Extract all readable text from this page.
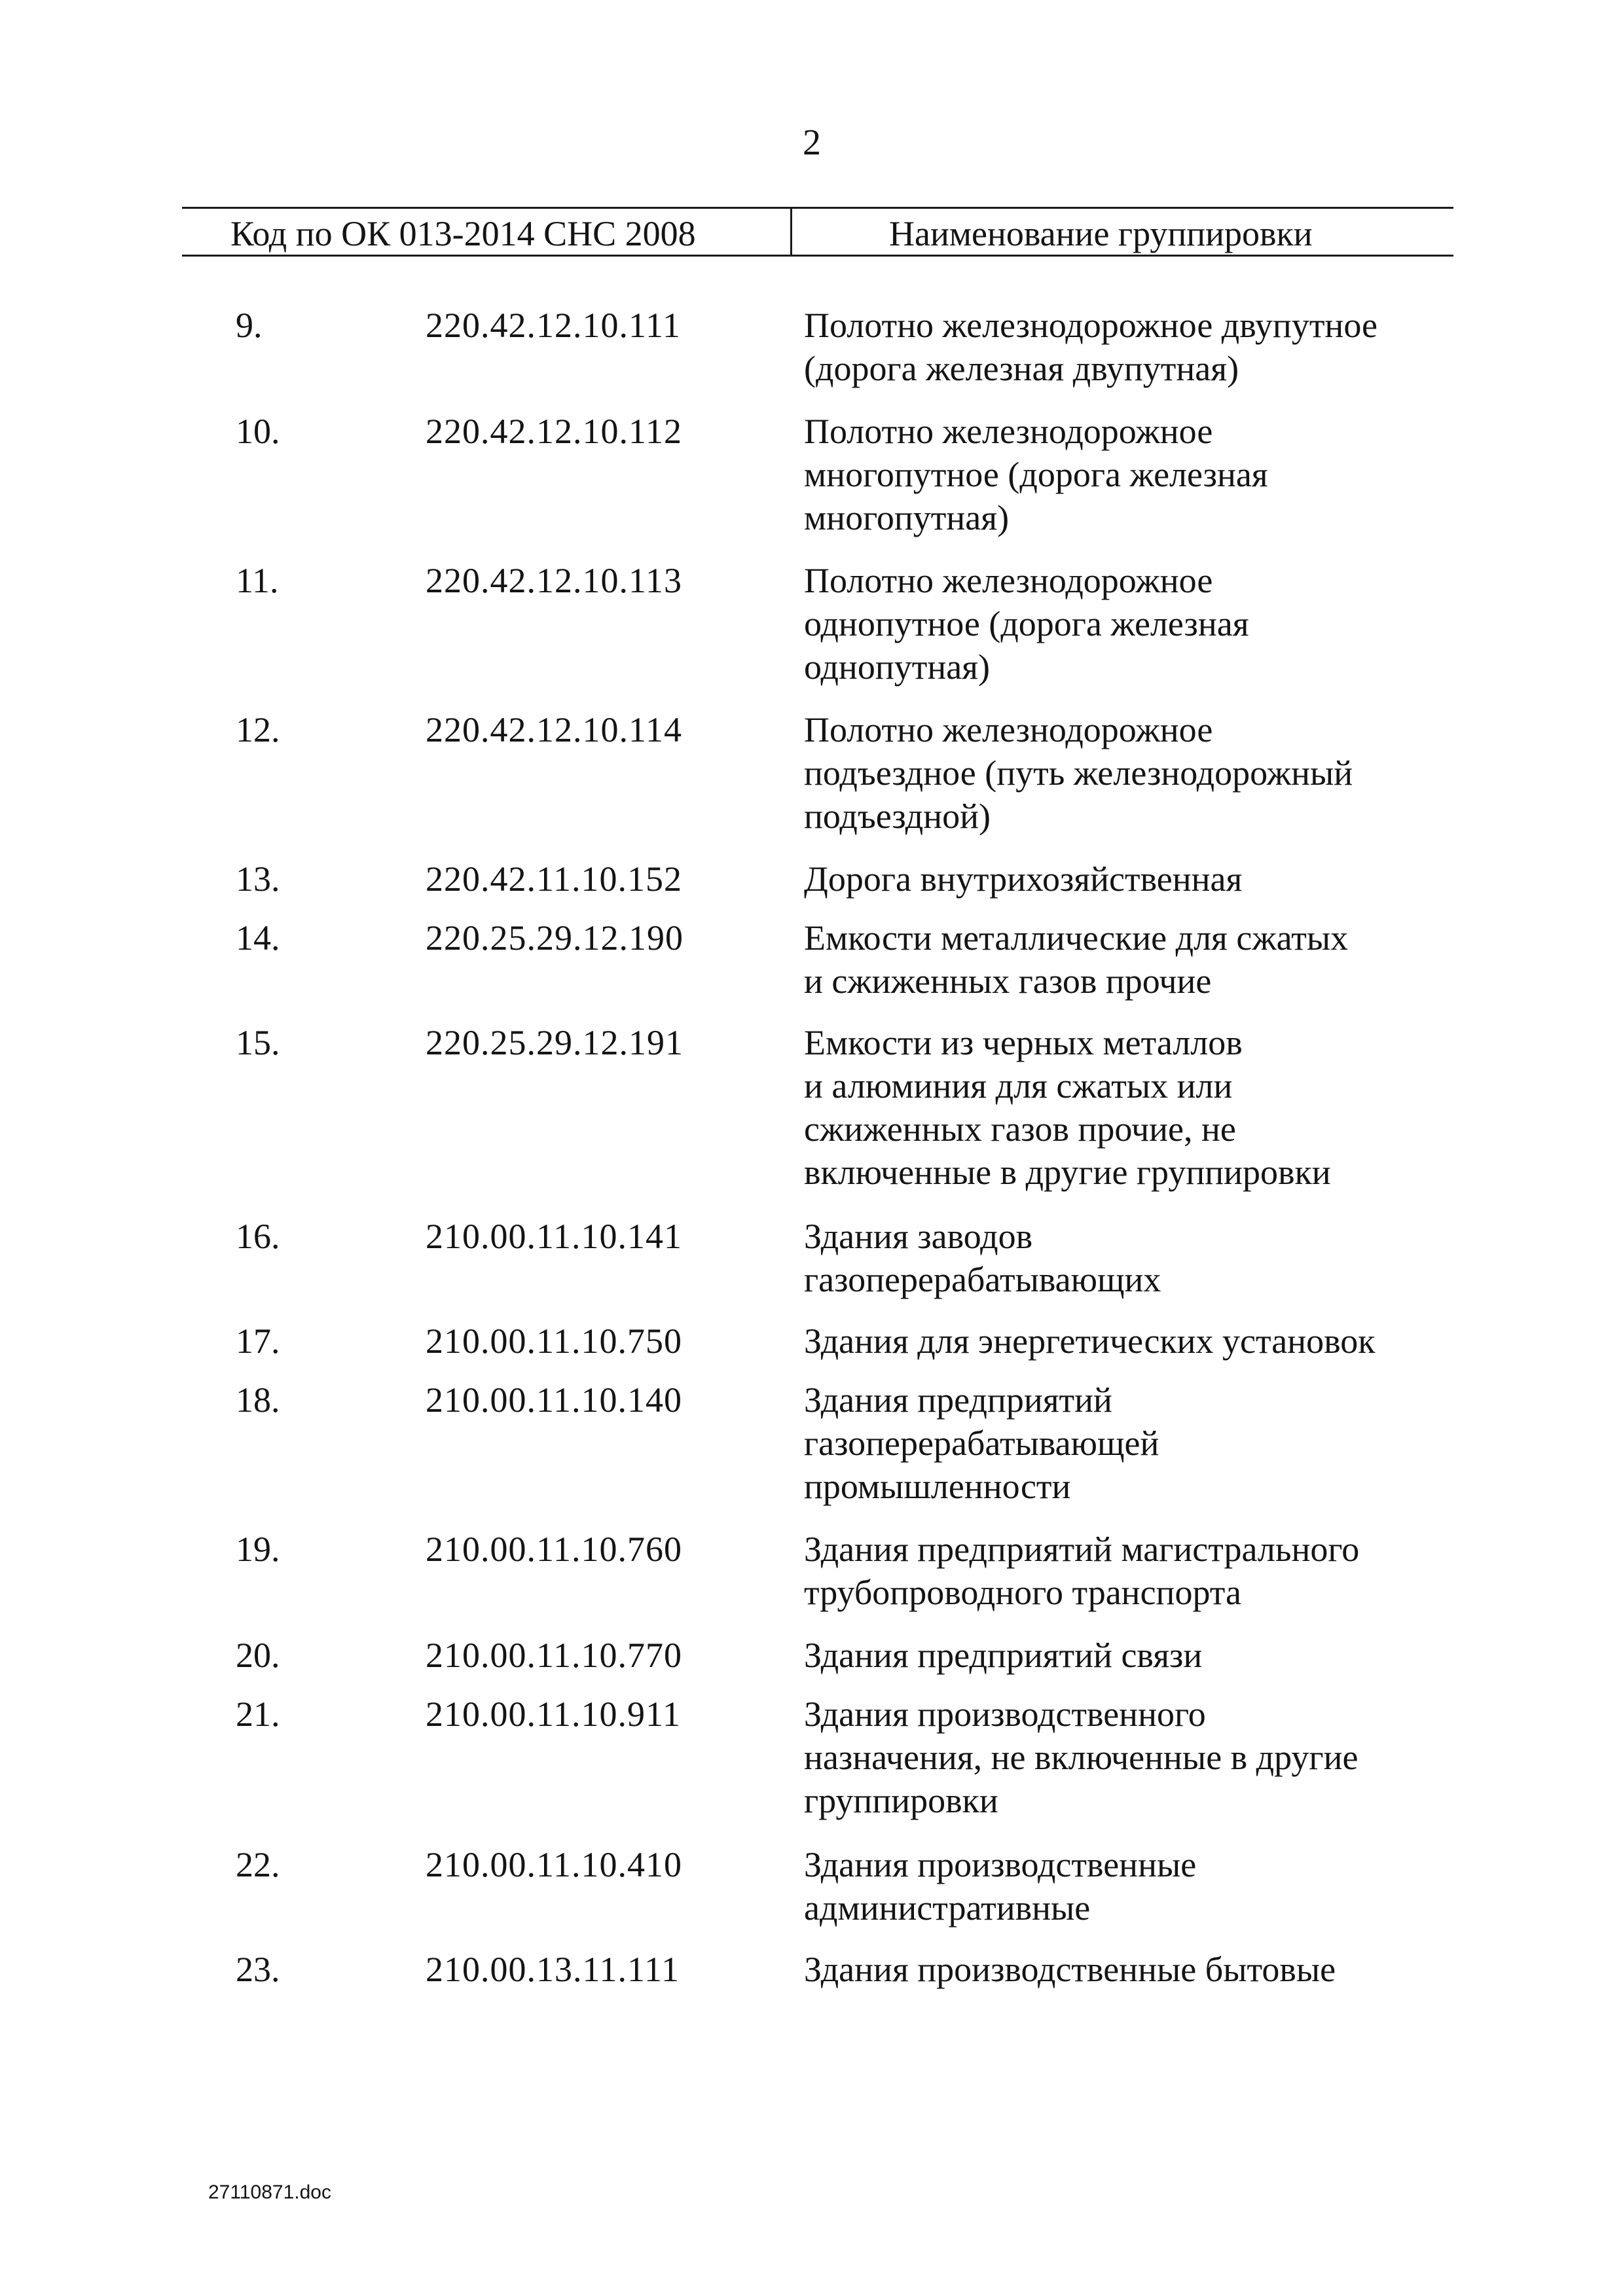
2
Код по ОК 013-2014 СНС 2008	Наименование группировки
9.	220.42.12.10.111	Полотно железнодорожное двупутное
(дорога железная двупутная)
10.	220.42.12.10.112	Полотно железнодорожное
многопутное (дорога железная
многопутная)
11.	220.42.12.10.113	Полотно железнодорожное
однопутное (дорога железная
однопутная)
12.	220.42.12.10.114	Полотно железнодорожное
подъездное (путь железнодорожный
подъездной)
13.	220.42.11.10.152	Дорога внутрихозяйственная
14.	220.25.29.12.190	Емкости металлические для сжатых
и сжиженных газов прочие
15.	220.25.29.12.191	Емкости из черных металлов
и алюминия для сжатых или
сжиженных газов прочие, не
включенные в другие группировки
16.	210.00.11.10.141	Здания заводов
газоперерабатывающих
17.	210.00.11.10.750	Здания для энергетических установок
18.	210.00.11.10.140	Здания предприятий
газоперерабатывающей
промышленности
19.	210.00.11.10.760	Здания предприятий магистрального
трубопроводного транспорта
20.	210.00.11.10.770	Здания предприятий связи
21.	210.00.11.10.911	Здания производственного
назначения, не включенные в другие
группировки
22.	210.00.11.10.410	Здания производственные
административные
23.	210.00.13.11.111	Здания производственные бытовые
27110871.doc
